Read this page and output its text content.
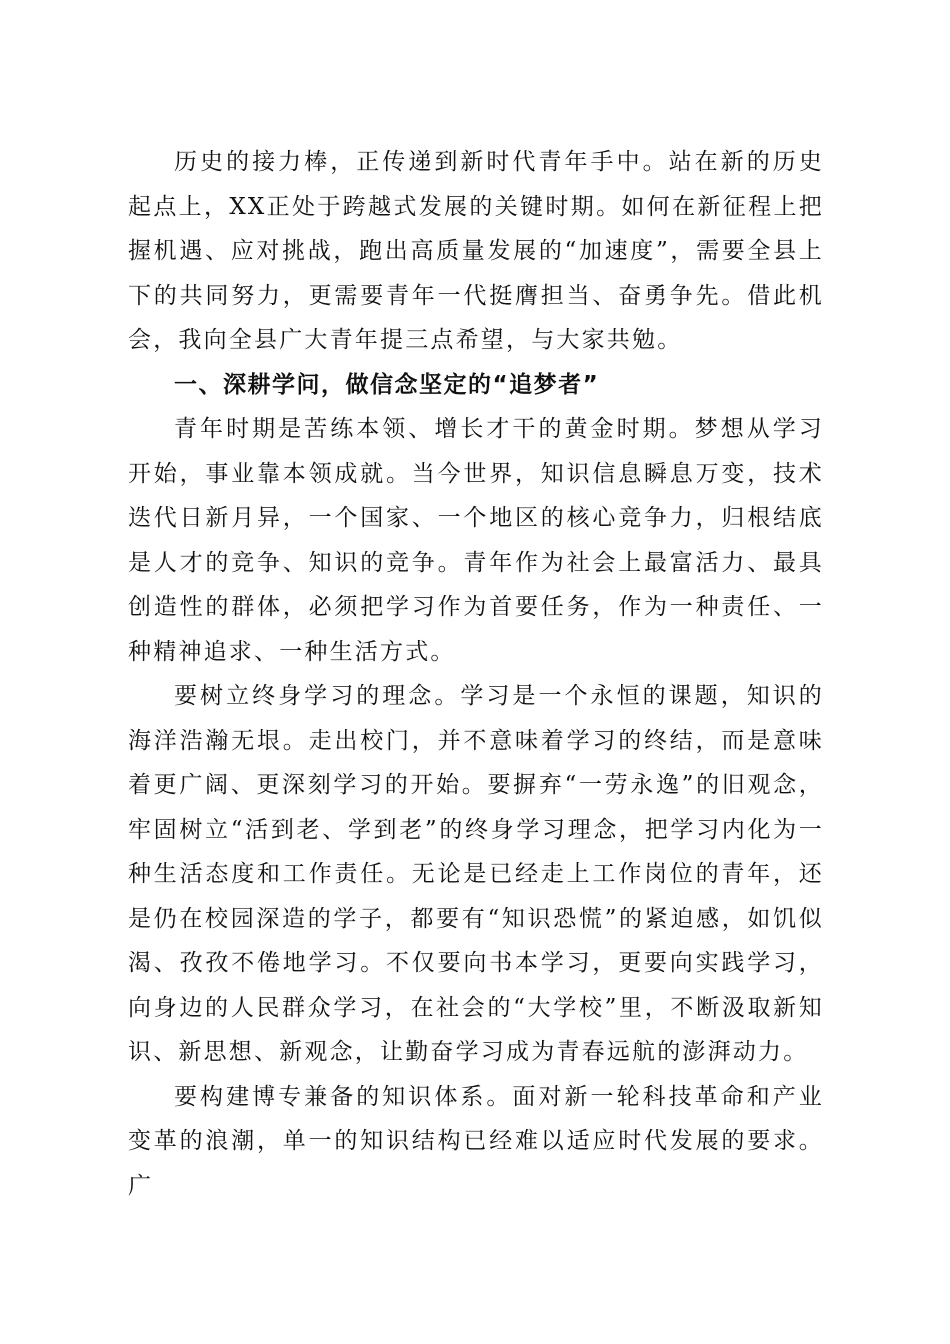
历史的接力棒，正传递到新时代青年手中。站在新的历史起点上，XX正处于跨越式发展的关键时期。如何在新征程上把握机遇、应对挑战，跑出高质量发展的“加速度”，需要全县上下的共同努力，更需要青年一代挺膺担当、奋勇争先。借此机会，我向全县广大青年提三点希望，与大家共勉。

一、深耕学问，做信念坚定的“追梦者”

青年时期是苦练本领、增长才干的黄金时期。梦想从学习开始，事业靠本领成就。当今世界，知识信息瞬息万变，技术迭代日新月异，一个国家、一个地区的核心竞争力，归根结底是人才的竞争、知识的竞争。青年作为社会上最富活力、最具创造性的群体，必须把学习作为首要任务，作为一种责任、一种精神追求、一种生活方式。

要树立终身学习的理念。学习是一个永恒的课题，知识的海洋浩瀚无垠。走出校门，并不意味着学习的终结，而是意味着更广阔、更深刻学习的开始。要摒弃“一劳永逸”的旧观念，牢固树立“活到老、学到老”的终身学习理念，把学习内化为一种生活态度和工作责任。无论是已经走上工作岗位的青年，还是仍在校园深造的学子，都要有“知识恐慌”的紧迫感，如饥似渴、孜孜不倦地学习。不仅要向书本学习，更要向实践学习，向身边的人民群众学习，在社会的“大学校”里，不断汲取新知识、新思想、新观念，让勤奋学习成为青春远航的澎湃动力。

要构建博专兼备的知识体系。面对新一轮科技革命和产业变革的浪潮，单一的知识结构已经难以适应时代发展的要求。广
